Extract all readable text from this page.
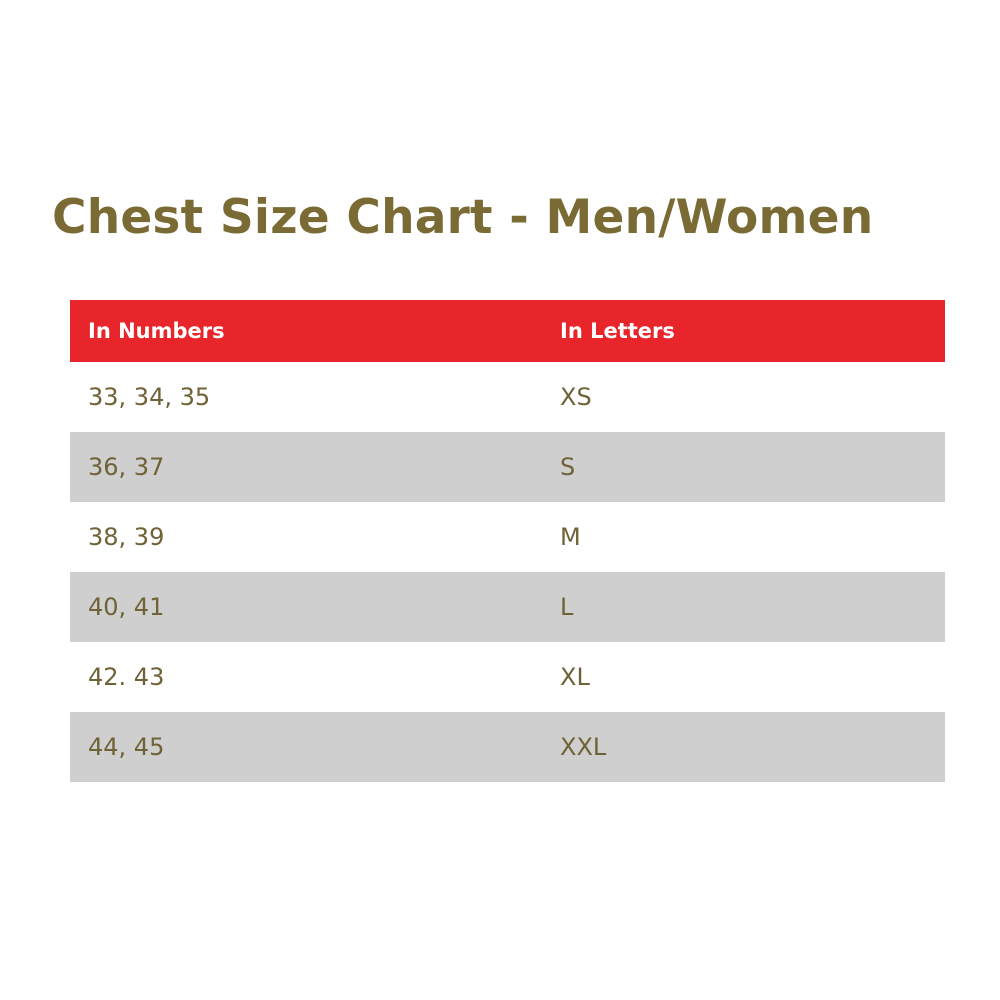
Chest Size Chart - Men/Women
In Numbers	In Letters
33, 34, 35	XS
36, 37	S
38, 39	M
40, 41	L
42. 43	XL
44, 45	XXL
